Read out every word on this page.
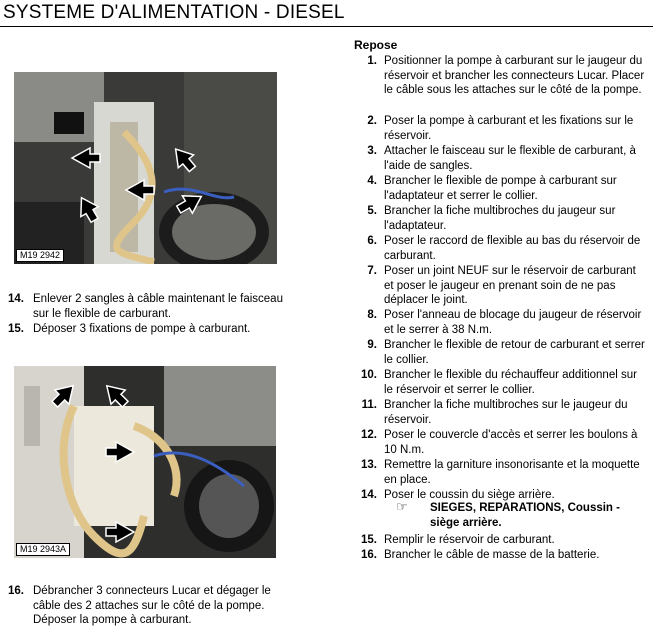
SYSTEME D'ALIMENTATION - DIESEL
M19 2942
M19 2943A
14. Enlever 2 sangles à câble maintenant le faisceau sur le flexible de carburant.
15. Déposer 3 fixations de pompe à carburant.
16. Débrancher 3 connecteurs Lucar et dégager le câble des 2 attaches sur le côté de la pompe. Déposer la pompe à carburant.
Repose
1. Positionner la pompe à carburant sur le jaugeur du réservoir et brancher les connecteurs Lucar. Placer le câble sous les attaches sur le côté de la pompe.
2. Poser la pompe à carburant et les fixations sur le réservoir.
3. Attacher le faisceau sur le flexible de carburant, à l'aide de sangles.
4. Brancher le flexible de pompe à carburant sur l'adaptateur et serrer le collier.
5. Brancher la fiche multibroches du jaugeur sur l'adaptateur.
6. Poser le raccord de flexible au bas du réservoir de carburant.
7. Poser un joint NEUF sur le réservoir de carburant et poser le jaugeur en prenant soin de ne pas déplacer le joint.
8. Poser l'anneau de blocage du jaugeur de réservoir et le serrer à 38 N.m.
9. Brancher le flexible de retour de carburant et serrer le collier.
10. Brancher le flexible du réchauffeur additionnel sur le réservoir et serrer le collier.
11. Brancher la fiche multibroches sur le jaugeur du réservoir.
12. Poser le couvercle d'accès et serrer les boulons à 10 N.m.
13. Remettre la garniture insonorisante et la moquette en place.
14. Poser le coussin du siège arrière.
☞ SIEGES, REPARATIONS, Coussin - siège arrière.
15. Remplir le réservoir de carburant.
16. Brancher le câble de masse de la batterie.
